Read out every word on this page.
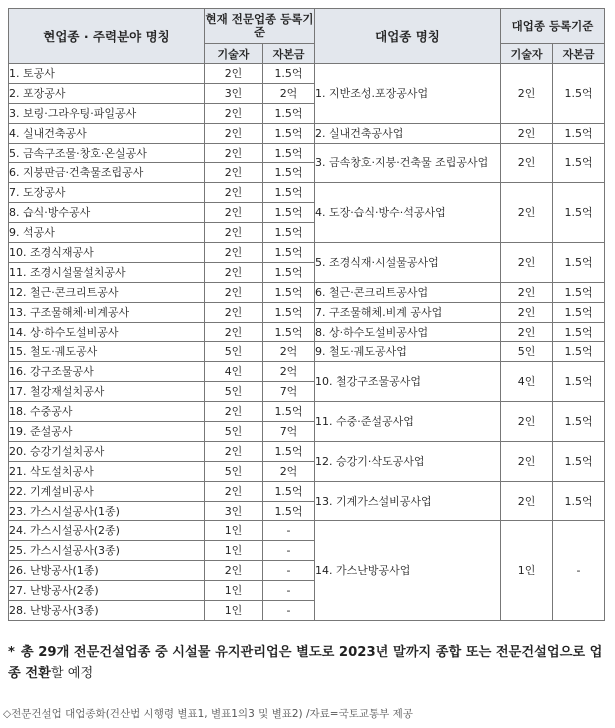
현업종 · 주력분야 명칭	현재 전문업종 등록기준		대업종 명칭	대업종 등록기준	
	기술자	자본금		기술자	자본금
1. 토공사	2인	1.5억	1. 지반조성.포장공사업	2인	1.5억
2. 포장공사	3인	2억			
3. 보링·그라우팅·파일공사	2인	1.5억			
4. 실내건축공사	2인	1.5억	2. 실내건축공사업	2인	1.5억
5. 금속구조물·창호·온실공사	2인	1.5억	3. 금속창호·지붕·건축물 조립공사업	2인	1.5억
6. 지붕판금·건축물조립공사	2인	1.5억			
7. 도장공사	2인	1.5억	4. 도장·습식·방수·석공사업	2인	1.5억
8. 습식·방수공사	2인	1.5억			
9. 석공사	2인	1.5억			
10. 조경식재공사	2인	1.5억	5. 조경식재·시설물공사업	2인	1.5억
11. 조경시설물설치공사	2인	1.5억			
12. 철근·콘크리트공사	2인	1.5억	6. 철근·콘크리트공사업	2인	1.5억
13. 구조물해체·비계공사	2인	1.5억	7. 구조물해체.비계 공사업	2인	1.5억
14. 상·하수도설비공사	2인	1.5억	8. 상·하수도설비공사업	2인	1.5억
15. 철도·궤도공사	5인	2억	9. 철도·궤도공사업	5인	1.5억
16. 강구조물공사	4인	2억	10. 철강구조물공사업	4인	1.5억
17. 철강재설치공사	5인	7억			
18. 수중공사	2인	1.5억	11. 수중·준설공사업	2인	1.5억
19. 준설공사	5인	7억			
20. 승강기설치공사	2인	1.5억	12. 승강기·삭도공사업	2인	1.5억
21. 삭도설치공사	5인	2억			
22. 기계설비공사	2인	1.5억	13. 기계가스설비공사업	2인	1.5억
23. 가스시설공사(1종)	3인	1.5억			
24. 가스시설공사(2종)	1인	-	14. 가스난방공사업	1인	-
25. 가스시설공사(3종)	1인	-			
26. 난방공사(1종)	2인	-			
27. 난방공사(2종)	1인	-			
28. 난방공사(3종)	1인	-			
* 총 29개 전문건설업종 중 시설물 유지관리업은 별도로 2023년 말까지 종합 또는 전문건설업으로 업종 전환할 예정
◇전문건설업 대업종화(건산법 시행령 별표1, 별표1의3 및 별표2) /자료=국토교통부 제공
